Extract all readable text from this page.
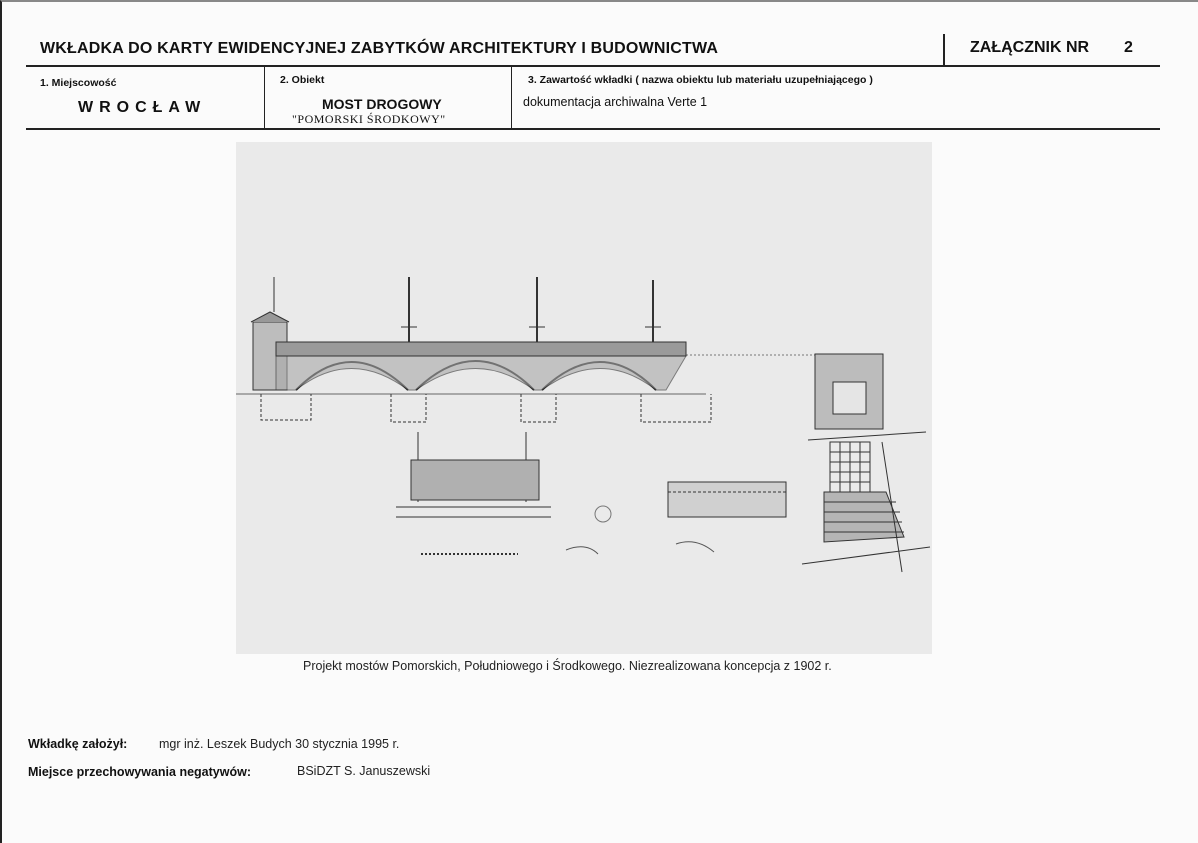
WKŁADKA DO KARTY EWIDENCYJNEJ ZABYTKÓW ARCHITEKTURY I BUDOWNICTWA	ZAŁĄCZNIK NR 2
1. Miejscowość
WROCŁAW
2. Obiekt
MOST DROGOWY
"POMORSKI ŚRODKOWY"
3. Zawartość wkładki ( nazwa obiektu lub materiału uzupełniającego )
dokumentacja archiwalna Verte 1
Projekt mostów Pomorskich, Południowego i Środkowego. Niezrealizowana koncepcja z 1902 r.
Wkładkę założył:	mgr inż. Leszek Budych 30 stycznia 1995 r.
Miejsce przechowywania negatywów:	BSiDZT S. Januszewski
